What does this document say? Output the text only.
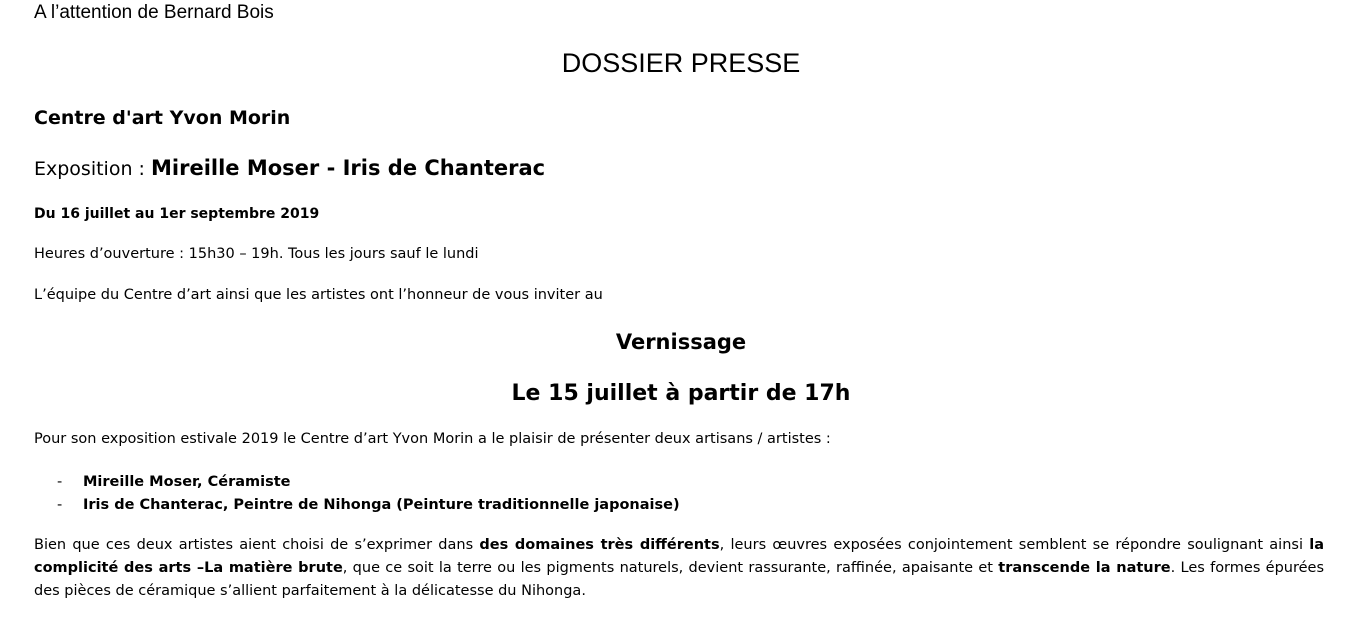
A l’attention de Bernard Bois
DOSSIER PRESSE
Centre d'art Yvon Morin
Exposition : Mireille Moser - Iris de Chanterac
Du 16 juillet au 1er septembre 2019
Heures d’ouverture : 15h30 – 19h. Tous les jours sauf le lundi
L’équipe du Centre d’art ainsi que les artistes ont l’honneur de vous inviter au
Vernissage
Le 15 juillet à partir de 17h
Pour son exposition estivale 2019 le Centre d’art Yvon Morin a le plaisir de présenter deux artisans / artistes :
- Mireille Moser, Céramiste
- Iris de Chanterac, Peintre de Nihonga (Peinture traditionnelle japonaise)
Bien que ces deux artistes aient choisi de s’exprimer dans des domaines très différents, leurs œuvres exposées conjointement semblent se répondre soulignant ainsi la complicité des arts –La matière brute, que ce soit la terre ou les pigments naturels, devient rassurante, raffinée, apaisante et transcende la nature. Les formes épurées des pièces de céramique s’allient parfaitement à la délicatesse du Nihonga.
